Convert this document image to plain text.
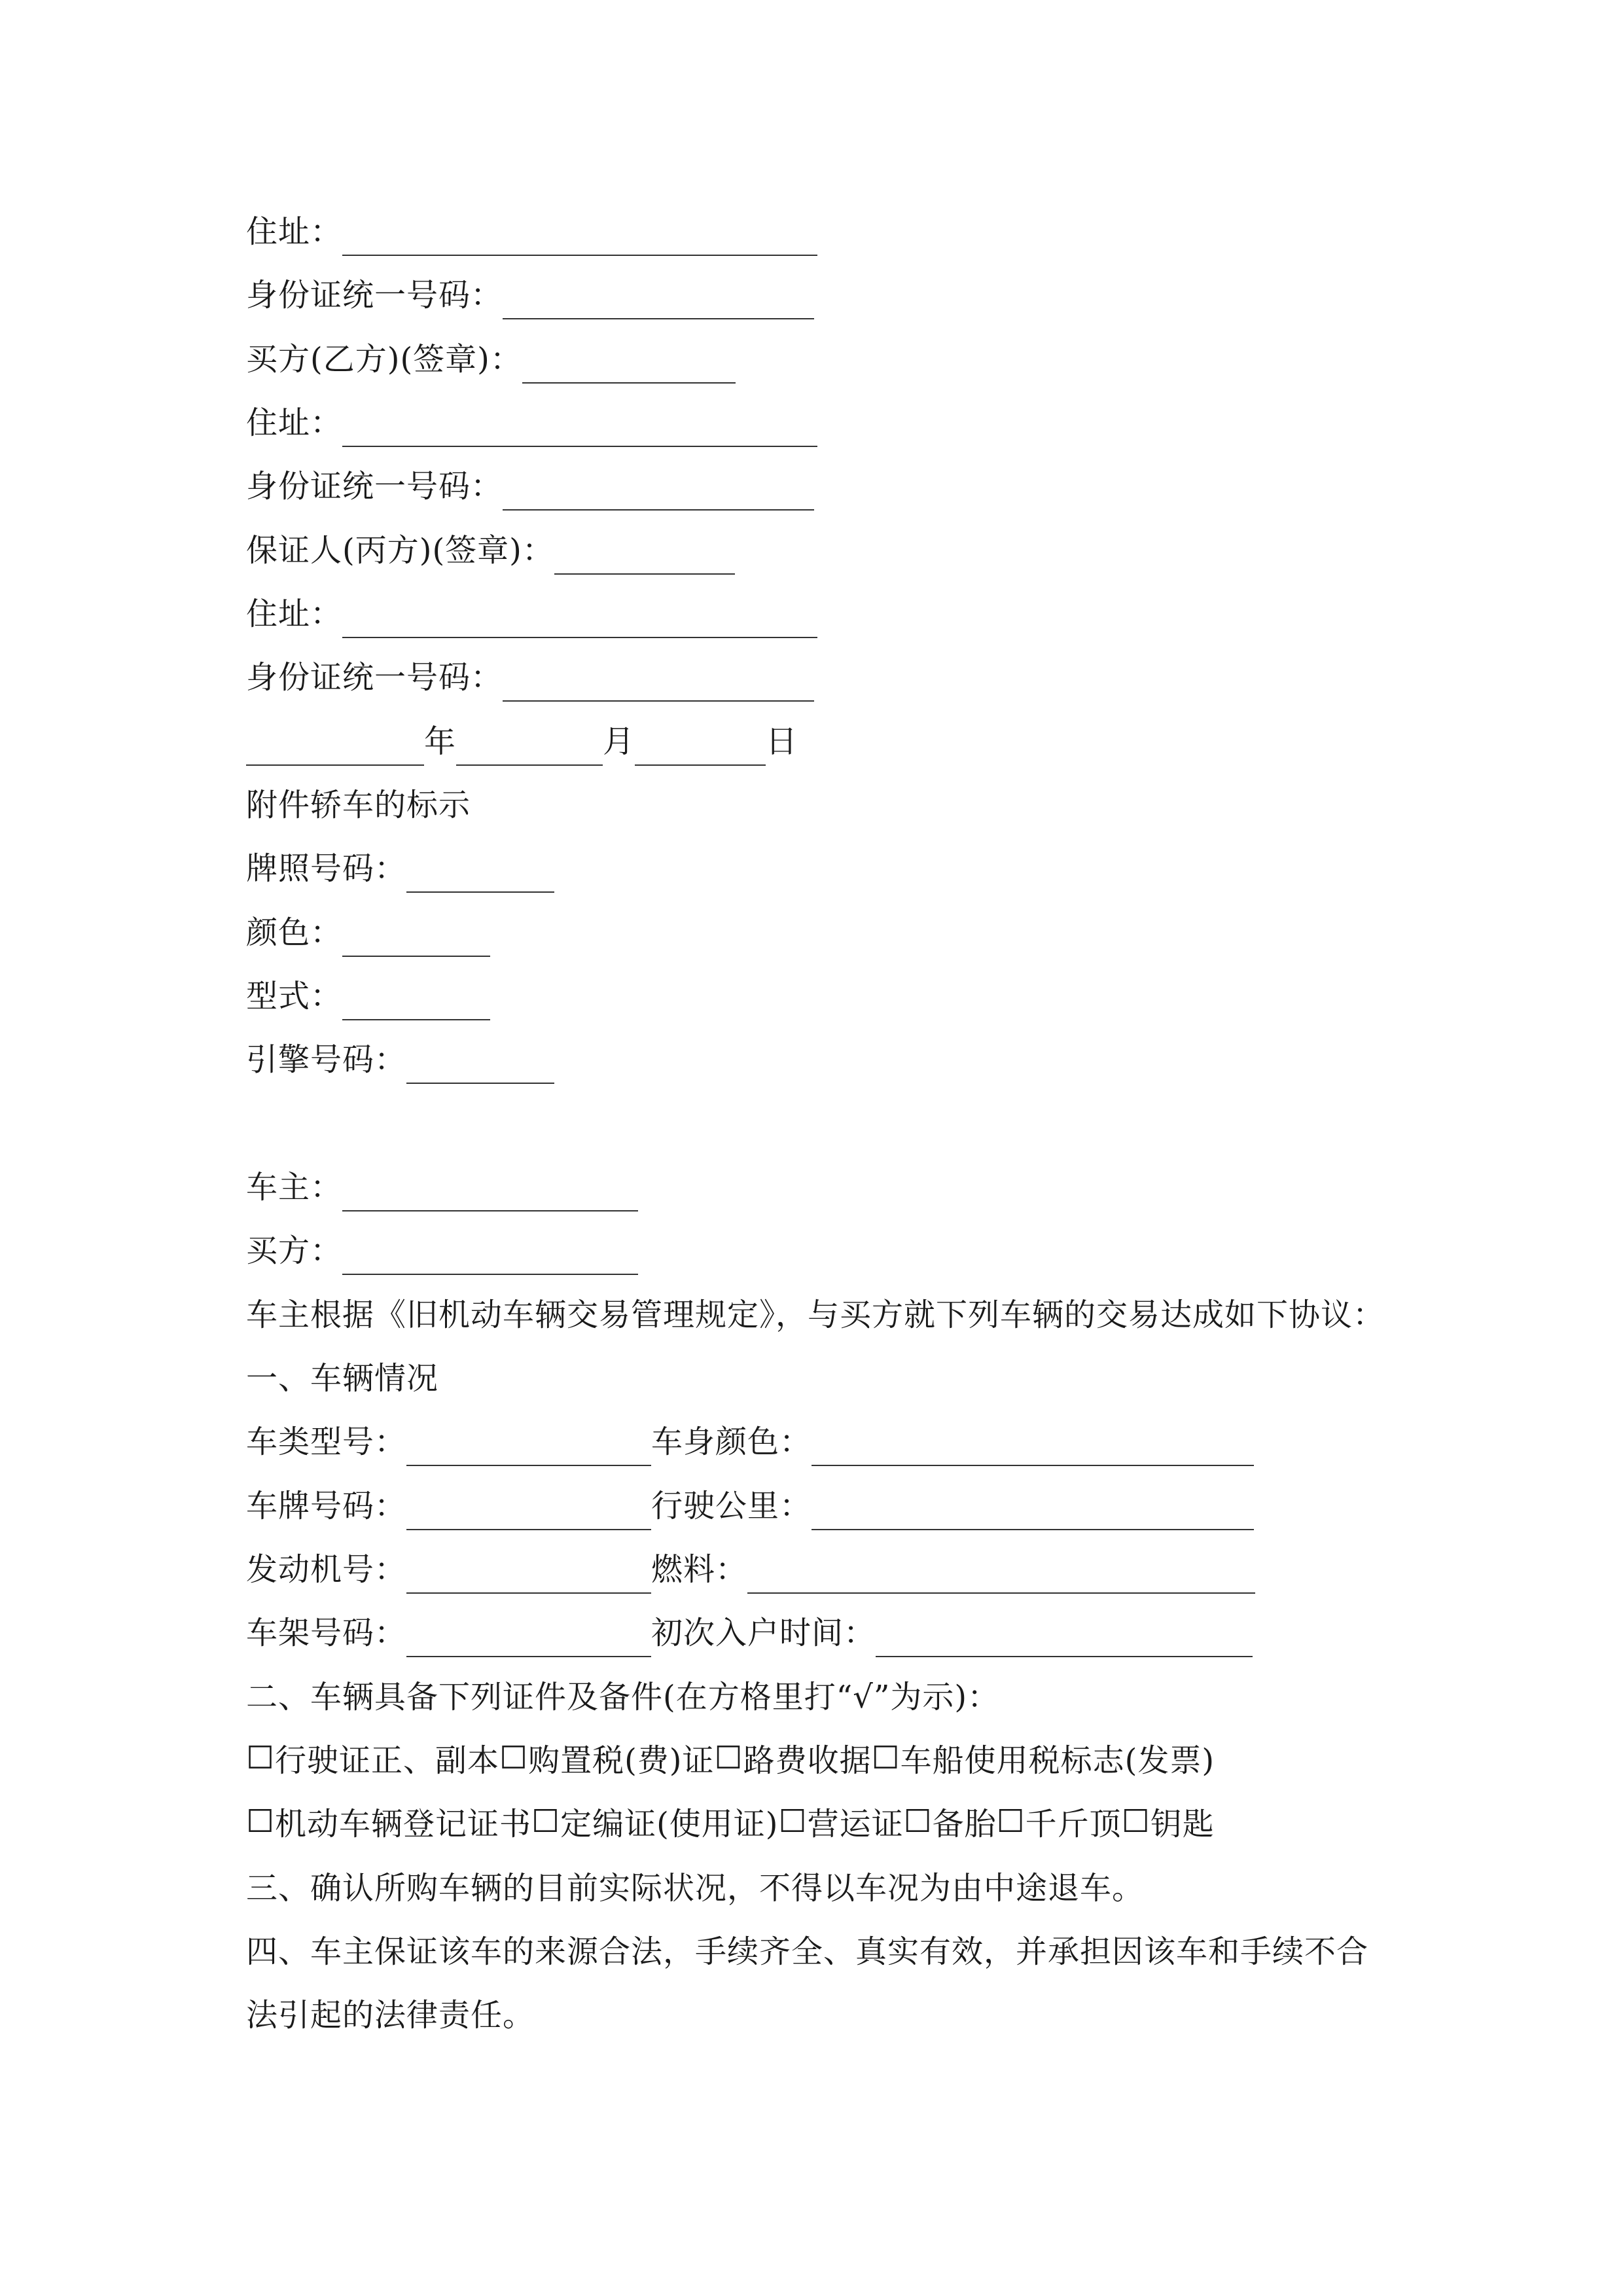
住址：
身份证统一号码：
买方(乙方)(签章)：
住址：
身份证统一号码：
保证人(丙方)(签章)：
住址：
身份证统一号码：
年	月	日
附件轿车的标示
牌照号码：
颜色：
型式：
引擎号码：
车主：
买方：
车主根据《旧机动车辆交易管理规定》，与买方就下列车辆的交易达成如下协议：
一、车辆情况
车类型号：	车身颜色：
车牌号码：	行驶公里：
发动机号：	燃料：
车架号码：	初次入户时间：
二、车辆具备下列证件及备件(在方格里打“√”为示)：
☐ 行驶证正、副本 ☐ 购置税(费)证 ☐ 路费收据 ☐ 车船使用税标志(发票)
☐ 机动车辆登记证书 ☐ 定编证(使用证) ☐ 营运证 ☐ 备胎 ☐ 千斤顶 ☐ 钥匙
三、确认所购车辆的目前实际状况，不得以车况为由中途退车。
四、车主保证该车的来源合法，手续齐全、真实有效，并承担因该车和手续不合
法引起的法律责任。
